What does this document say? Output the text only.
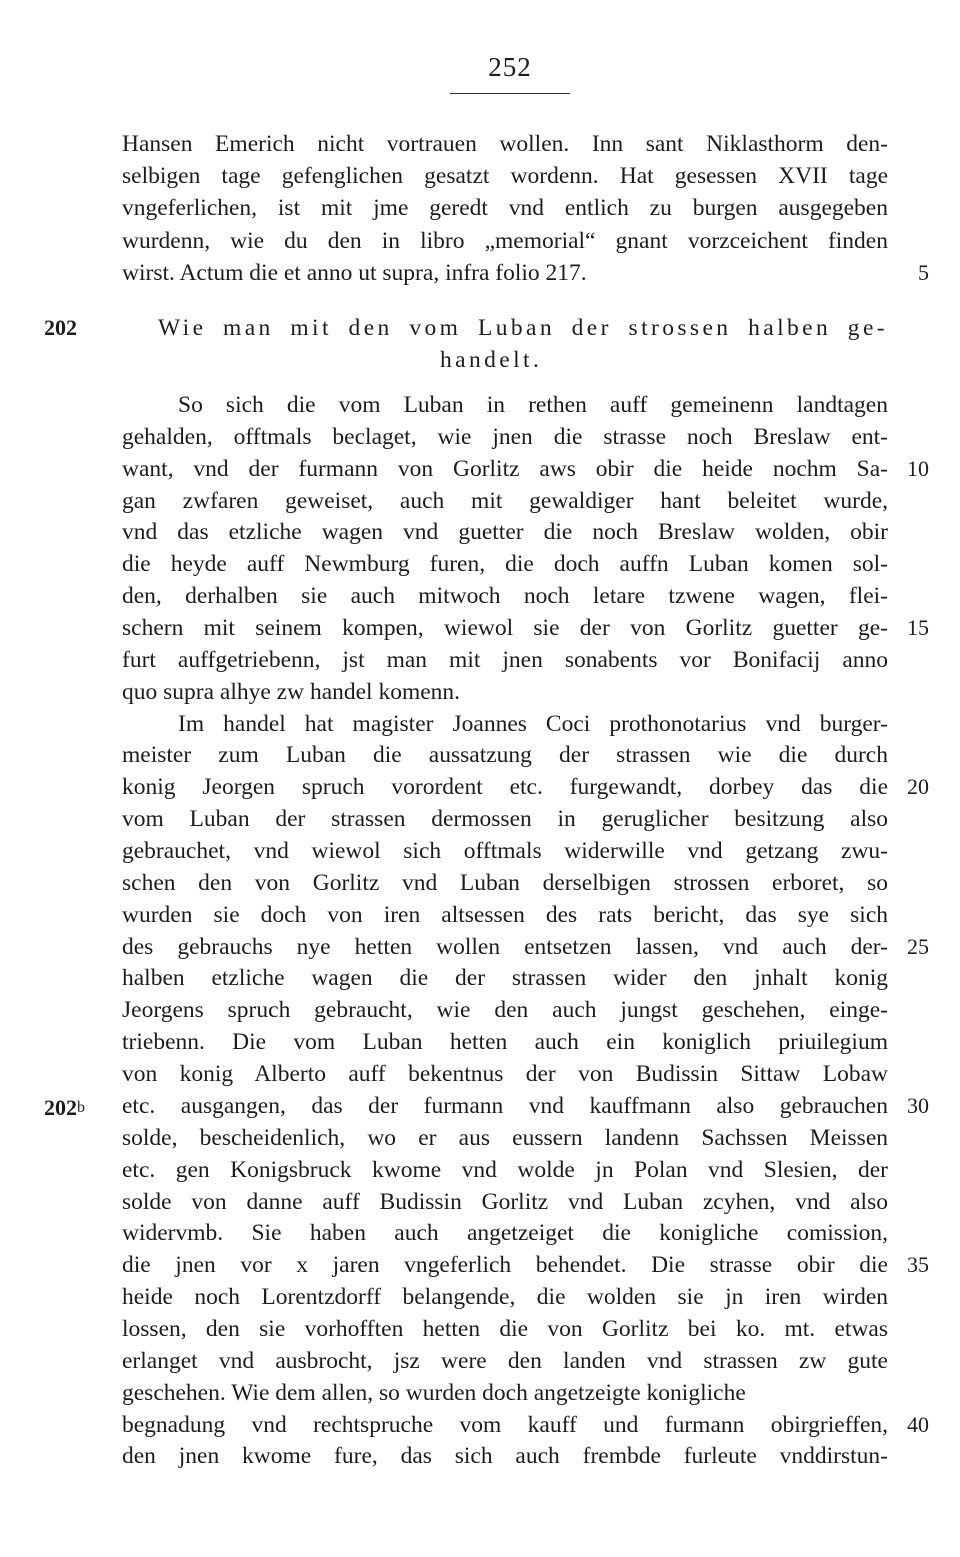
252
Hansen Emerich nicht vortrauen wollen. Inn sant Niklasthorm den-
selbigen tage gefenglichen gesatzt wordenn. Hat gesessen XVII tage
vngeferlichen, ist mit jme geredt vnd entlich zu burgen ausgegeben
wurdenn, wie du den in libro „memorial“ gnant vorzceichent finden
wirst. Actum die et anno ut supra, infra folio 217.	5
202	Wie man mit den vom Luban der strossen halben ge-
handelt.
So sich die vom Luban in rethen auff gemeinenn landtagen
gehalden, offtmals beclaget, wie jnen die strasse noch Breslaw ent-
want, vnd der furmann von Gorlitz aws obir die heide nochm Sa- 10
gan zwfaren geweiset, auch mit gewaldiger hant beleitet wurde,
vnd das etzliche wagen vnd guetter die noch Breslaw wolden, obir
die heyde auff Newmburg furen, die doch auffn Luban komen sol-
den, derhalben sie auch mitwoch noch letare tzwene wagen, flei-
schern mit seinem kompen, wiewol sie der von Gorlitz guetter ge- 15
furt auffgetriebenn, jst man mit jnen sonabents vor Bonifacij anno
quo supra alhye zw handel komenn.
Im handel hat magister Joannes Coci prothonotarius vnd burger-
meister zum Luban die aussatzung der strassen wie die durch
konig Jeorgen spruch vorordent etc. furgewandt, dorbey das die 20
vom Luban der strassen dermossen in geruglicher besitzung also
gebrauchet, vnd wiewol sich offtmals widerwille vnd getzang zwu-
schen den von Gorlitz vnd Luban derselbigen strossen erboret, so
wurden sie doch von iren altsessen des rats bericht, das sye sich
des gebrauchs nye hetten wollen entsetzen lassen, vnd auch der- 25
halben etzliche wagen die der strassen wider den jnhalt konig
Jeorgens spruch gebraucht, wie den auch jungst geschehen, einge-
triebenn. Die vom Luban hetten auch ein koniglich priuilegium
von konig Alberto auff bekentnus der von Budissin Sittaw Lobaw
etc. ausgangen, das der furmann vnd kauffmann also gebrauchen 30
solde, bescheidenlich, wo er aus eussern landenn Sachssen Meissen
etc. gen Konigsbruck kwome vnd wolde jn Polan vnd Slesien, der
solde von danne auff Budissin Gorlitz vnd Luban zcyhen, vnd also
widervmb. Sie haben auch angetzeiget die konigliche comission,
die jnen vor x jaren vngeferlich behendet. Die strasse obir die 35
heide noch Lorentzdorff belangende, die wolden sie jn iren wirden
lossen, den sie vorhofften hetten die von Gorlitz bei ko. mt. etwas
erlanget vnd ausbrocht, jsz were den landen vnd strassen zw gute
geschehen. Wie dem allen, so wurden doch angetzeigte konigliche
begnadung vnd rechtspruche vom kauff und furmann obirgrieffen, 40
den jnen kwome fure, das sich auch frembde furleute vnddirstun-
202$^b$
